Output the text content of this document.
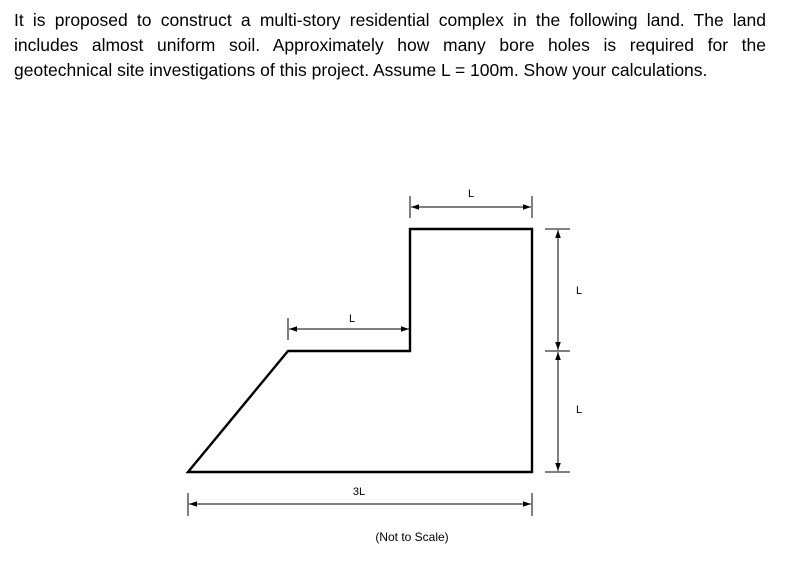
It is proposed to construct a multi-story residential complex in the following land. The land
includes almost uniform soil. Approximately how many bore holes is required for the
geotechnical site investigations of this project. Assume L = 100m. Show your calculations.
L
L
3L
L
L
(Not to Scale)
